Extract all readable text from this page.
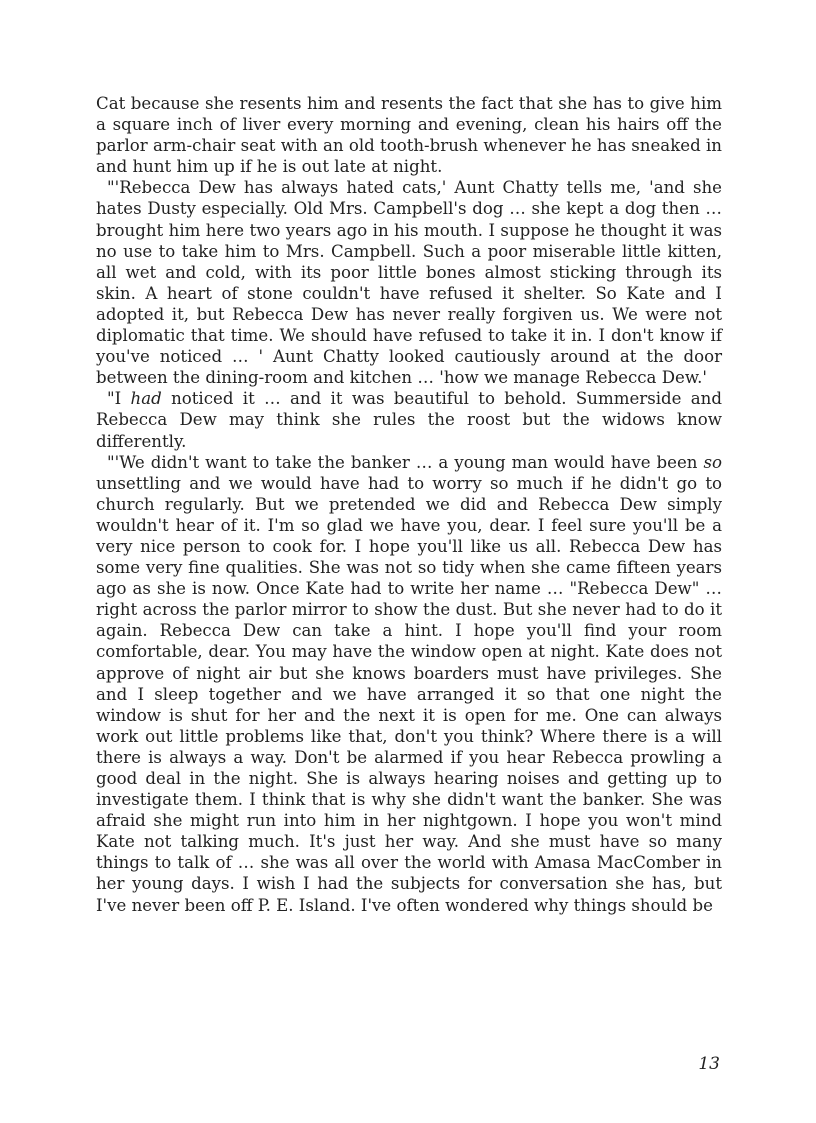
Cat because she resents him and resents the fact that she has to give him a square inch of liver every morning and evening, clean his hairs off the parlor arm-chair seat with an old tooth-brush whenever he has sneaked in and hunt him up if he is out late at night.

"'Rebecca Dew has always hated cats,' Aunt Chatty tells me, 'and she hates Dusty especially. Old Mrs. Campbell's dog … she kept a dog then … brought him here two years ago in his mouth. I suppose he thought it was no use to take him to Mrs. Campbell. Such a poor miserable little kitten, all wet and cold, with its poor little bones almost sticking through its skin. A heart of stone couldn't have refused it shelter. So Kate and I adopted it, but Rebecca Dew has never really forgiven us. We were not diplomatic that time. We should have refused to take it in. I don't know if you've noticed … ' Aunt Chatty looked cautiously around at the door between the dining-room and kitchen … 'how we manage Rebecca Dew.'

"I had noticed it … and it was beautiful to behold. Summerside and Rebecca Dew may think she rules the roost but the widows know differently.

"'We didn't want to take the banker … a young man would have been so unsettling and we would have had to worry so much if he didn't go to church regularly. But we pretended we did and Rebecca Dew simply wouldn't hear of it. I'm so glad we have you, dear. I feel sure you'll be a very nice person to cook for. I hope you'll like us all. Rebecca Dew has some very fine qualities. She was not so tidy when she came fifteen years ago as she is now. Once Kate had to write her name … "Rebecca Dew" … right across the parlor mirror to show the dust. But she never had to do it again. Rebecca Dew can take a hint. I hope you'll find your room comfortable, dear. You may have the window open at night. Kate does not approve of night air but she knows boarders must have privileges. She and I sleep together and we have arranged it so that one night the window is shut for her and the next it is open for me. One can always work out little problems like that, don't you think? Where there is a will there is always a way. Don't be alarmed if you hear Rebecca prowling a good deal in the night. She is always hearing noises and getting up to investigate them. I think that is why she didn't want the banker. She was afraid she might run into him in her nightgown. I hope you won't mind Kate not talking much. It's just her way. And she must have so many things to talk of … she was all over the world with Amasa MacComber in her young days. I wish I had the subjects for conversation she has, but I've never been off P. E. Island. I've often wondered why things should be

13
